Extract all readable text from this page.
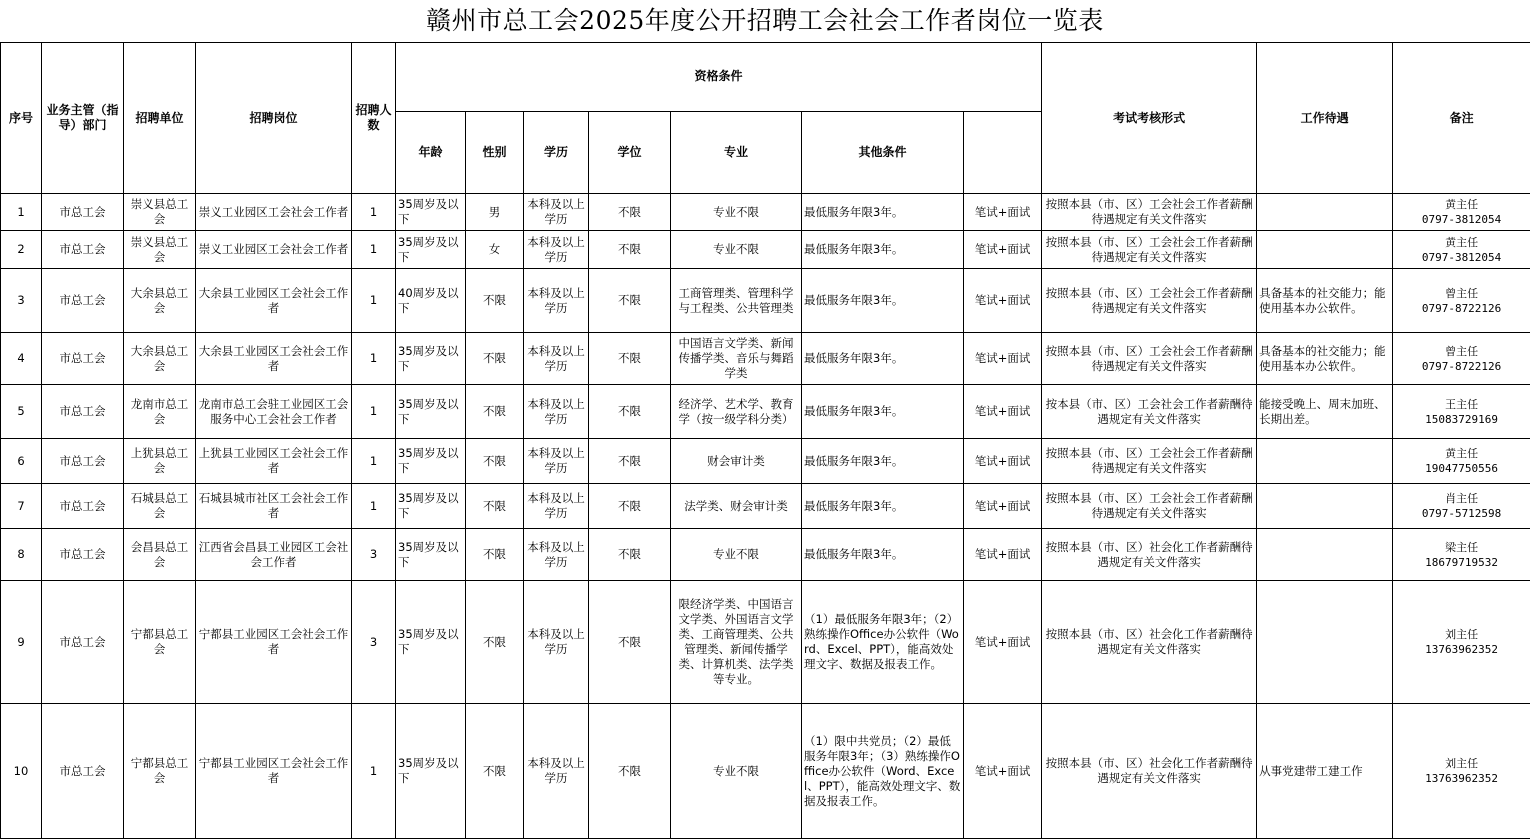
赣州市总工会2025年度公开招聘工会社会工作者岗位一览表
序号	业务主管（指导）部门	招聘单位	招聘岗位	招聘人数	资格条件							考试考核形式	工作待遇	备注	
					年龄	性别	学历	学位	专业	其他条件					
1	市总工会	崇义县总工会	崇义工业园区工会社会工作者	1	35周岁及以下	男	本科及以上学历	不限	专业不限	最低服务年限3年。	笔试+面试	按照本县（市、区）工会社会工作者薪酬待遇规定有关文件落实		黄主任
0797-3812054	

2	市总工会	崇义县总工会	崇义工业园区工会社会工作者	1	35周岁及以下	女	本科及以上学历	不限	专业不限	最低服务年限3年。	笔试+面试	按照本县（市、区）工会社会工作者薪酬待遇规定有关文件落实		黄主任
0797-3812054	

3	市总工会	大余县总工会	大余县工业园区工会社会工作者	1	40周岁及以下	不限	本科及以上学历	不限	工商管理类、管理科学与工程类、公共管理类	最低服务年限3年。	笔试+面试	按照本县（市、区）工会社会工作者薪酬待遇规定有关文件落实	具备基本的社交能力；能使用基本办公软件。	曾主任
0797-8722126	

4	市总工会	大余县总工会	大余县工业园区工会社会工作者	1	35周岁及以下	不限	本科及以上学历	不限	中国语言文学类、新闻传播学类、音乐与舞蹈学类	最低服务年限3年。	笔试+面试	按照本县（市、区）工会社会工作者薪酬待遇规定有关文件落实	具备基本的社交能力；能使用基本办公软件。	曾主任
0797-8722126	

5	市总工会	龙南市总工会	龙南市总工会驻工业园区工会服务中心工会社会工作者	1	35周岁及以下	不限	本科及以上学历	不限	经济学、艺术学、教育学（按一级学科分类）	最低服务年限3年。	笔试+面试	按本县（市、区）工会社会工作者薪酬待遇规定有关文件落实	能接受晚上、周末加班、长期出差。	王主任
15083729169	

6	市总工会	上犹县总工会	上犹县工业园区工会社会工作者	1	35周岁及以下	不限	本科及以上学历	不限	财会审计类	最低服务年限3年。	笔试+面试	按照本县（市、区）工会社会工作者薪酬待遇规定有关文件落实		黄主任
19047750556	

7	市总工会	石城县总工会	石城县城市社区工会社会工作者	1	35周岁及以下	不限	本科及以上学历	不限	法学类、财会审计类	最低服务年限3年。	笔试+面试	按照本县（市、区）工会社会工作者薪酬待遇规定有关文件落实		肖主任
0797-5712598	

8	市总工会	会昌县总工会	江西省会昌县工业园区工会社会工作者	3	35周岁及以下	不限	本科及以上学历	不限	专业不限	最低服务年限3年。	笔试+面试	按照本县（市、区）社会化工作者薪酬待遇规定有关文件落实		梁主任
18679719532	

9	市总工会	宁都县总工会	宁都县工业园区工会社会工作者	3	35周岁及以下	不限	本科及以上学历	不限	限经济学类、中国语言文学类、外国语言文学类、工商管理类、公共管理类、新闻传播学类、计算机类、法学类等专业。	（1）最低服务年限3年；（2）熟练操作Office办公软件（Word、Excel、PPT），能高效处理文字、数据及报表工作。	笔试+面试	按照本县（市、区）社会化工作者薪酬待遇规定有关文件落实		刘主任
13763962352	

10	市总工会	宁都县总工会	宁都县工业园区工会社会工作者	1	35周岁及以下	不限	本科及以上学历	不限	专业不限	（1）限中共党员；（2）最低服务年限3年；（3）熟练操作Office办公软件（Word、Excel、PPT），能高效处理文字、数据及报表工作。	笔试+面试	按照本县（市、区）社会化工作者薪酬待遇规定有关文件落实	从事党建带工建工作	刘主任
13763962352	
